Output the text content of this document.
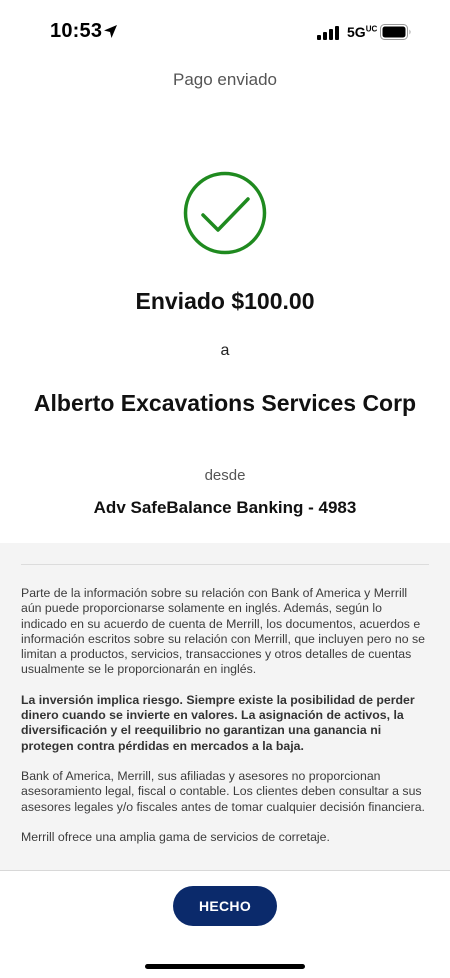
10:53	$5G^{UC}$
Pago enviado
Enviado $100.00
a
Alberto Excavations Services Corp
desde
Adv SafeBalance Banking - 4983

Parte de la información sobre su relación con Bank of America y Merrill aún puede proporcionarse solamente en inglés. Además, según lo indicado en su acuerdo de cuenta de Merrill, los documentos, acuerdos e información escritos sobre su relación con Merrill, que incluyen pero no se limitan a productos, servicios, transacciones y otros detalles de cuentas usualmente se le proporcionarán en inglés.

La inversión implica riesgo. Siempre existe la posibilidad de perder dinero cuando se invierte en valores. La asignación de activos, la diversificación y el reequilibrio no garantizan una ganancia ni protegen contra pérdidas en mercados a la baja.

Bank of America, Merrill, sus afiliadas y asesores no proporcionan asesoramiento legal, fiscal o contable. Los clientes deben consultar a sus asesores legales y/o fiscales antes de tomar cualquier decisión financiera.

Merrill ofrece una amplia gama de servicios de corretaje.

HECHO
